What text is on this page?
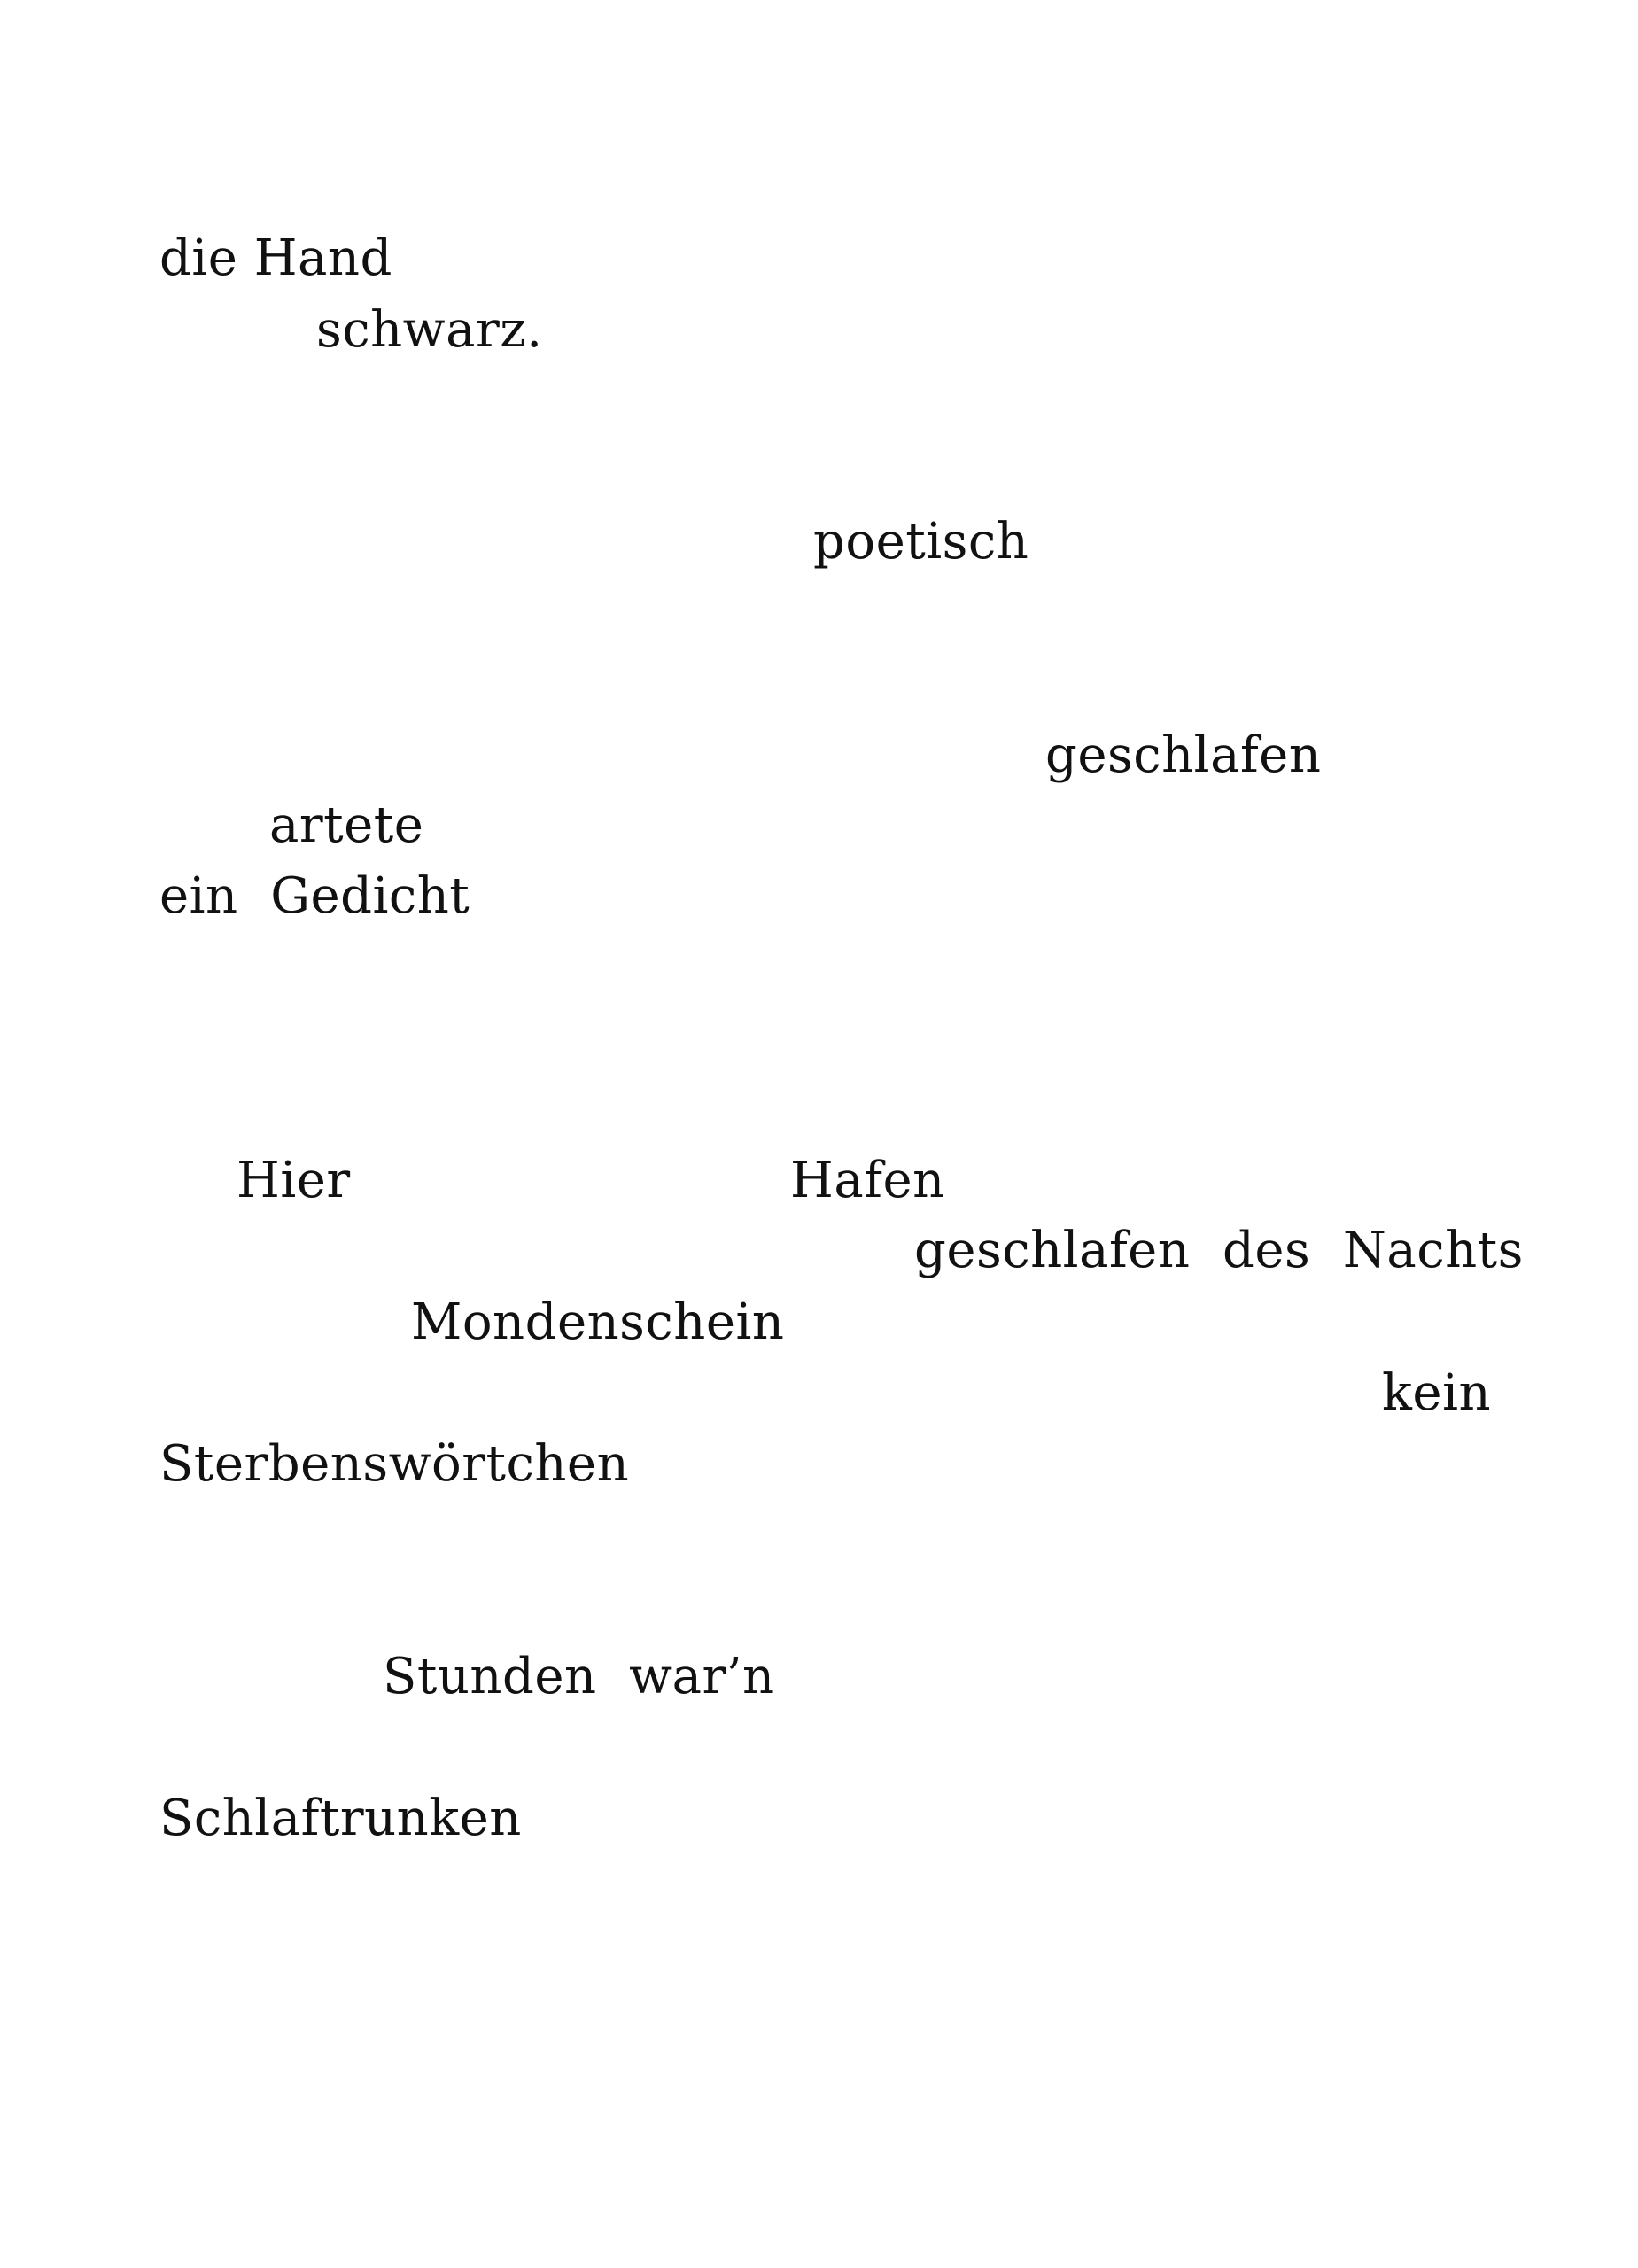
die Hand
schwarz.
poetisch
geschlafen
artete
ein  Gedicht
Hier	Hafen
geschlafen  des  Nachts
Mondenschein
kein
Sterbenswörtchen
Stunden  war’n
Schlaftrunken
